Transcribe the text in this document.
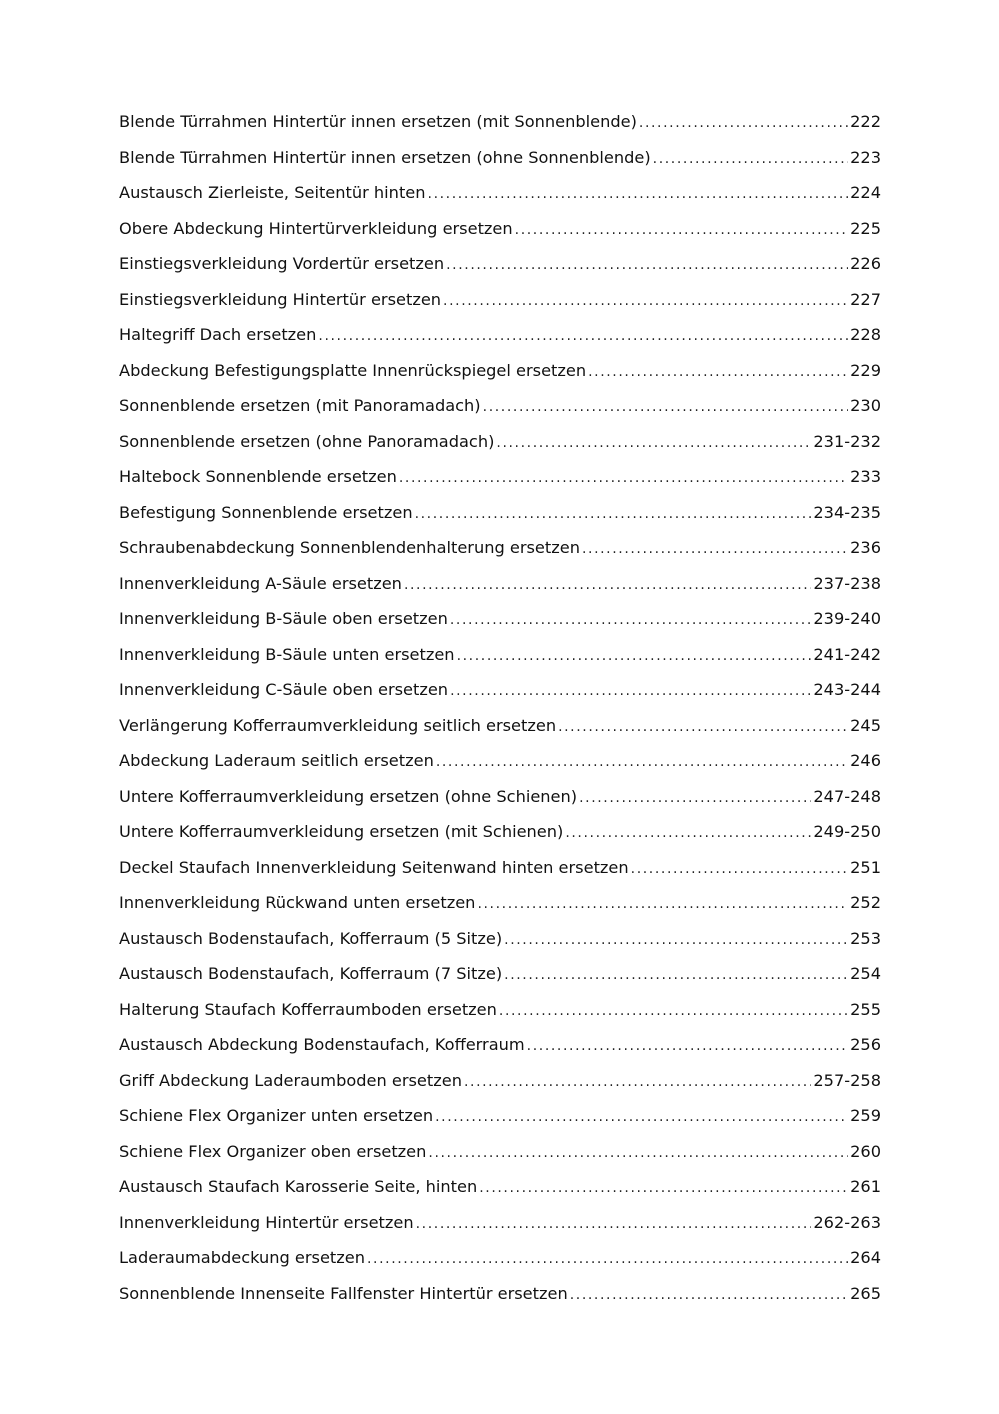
Blende Türrahmen Hintertür innen ersetzen (mit Sonnenblende) .....	222
Blende Türrahmen Hintertür innen ersetzen (ohne Sonnenblende) .....	223
Austausch Zierleiste, Seitentür hinten .....	224
Obere Abdeckung Hintertürverkleidung ersetzen .....	225
Einstiegsverkleidung Vordertür ersetzen .....	226
Einstiegsverkleidung Hintertür ersetzen .....	227
Haltegriff Dach ersetzen .....	228
Abdeckung Befestigungsplatte Innenrückspiegel ersetzen .....	229
Sonnenblende ersetzen (mit Panoramadach) .....	230
Sonnenblende ersetzen (ohne Panoramadach) .....	231-232
Haltebock Sonnenblende ersetzen .....	233
Befestigung Sonnenblende ersetzen .....	234-235
Schraubenabdeckung Sonnenblendenhalterung ersetzen .....	236
Innenverkleidung A-Säule ersetzen .....	237-238
Innenverkleidung B-Säule oben ersetzen .....	239-240
Innenverkleidung B-Säule unten ersetzen .....	241-242
Innenverkleidung C-Säule oben ersetzen .....	243-244
Verlängerung Kofferraumverkleidung seitlich ersetzen .....	245
Abdeckung Laderaum seitlich ersetzen .....	246
Untere Kofferraumverkleidung ersetzen (ohne Schienen) .....	247-248
Untere Kofferraumverkleidung ersetzen (mit Schienen) .....	249-250
Deckel Staufach Innenverkleidung Seitenwand hinten ersetzen .....	251
Innenverkleidung Rückwand unten ersetzen .....	252
Austausch Bodenstaufach, Kofferraum (5 Sitze) .....	253
Austausch Bodenstaufach, Kofferraum (7 Sitze) .....	254
Halterung Staufach Kofferraumboden ersetzen .....	255
Austausch Abdeckung Bodenstaufach, Kofferraum .....	256
Griff Abdeckung Laderaumboden ersetzen .....	257-258
Schiene Flex Organizer unten ersetzen .....	259
Schiene Flex Organizer oben ersetzen .....	260
Austausch Staufach Karosserie Seite, hinten .....	261
Innenverkleidung Hintertür ersetzen .....	262-263
Laderaumabdeckung ersetzen .....	264
Sonnenblende Innenseite Fallfenster Hintertür ersetzen .....	265
